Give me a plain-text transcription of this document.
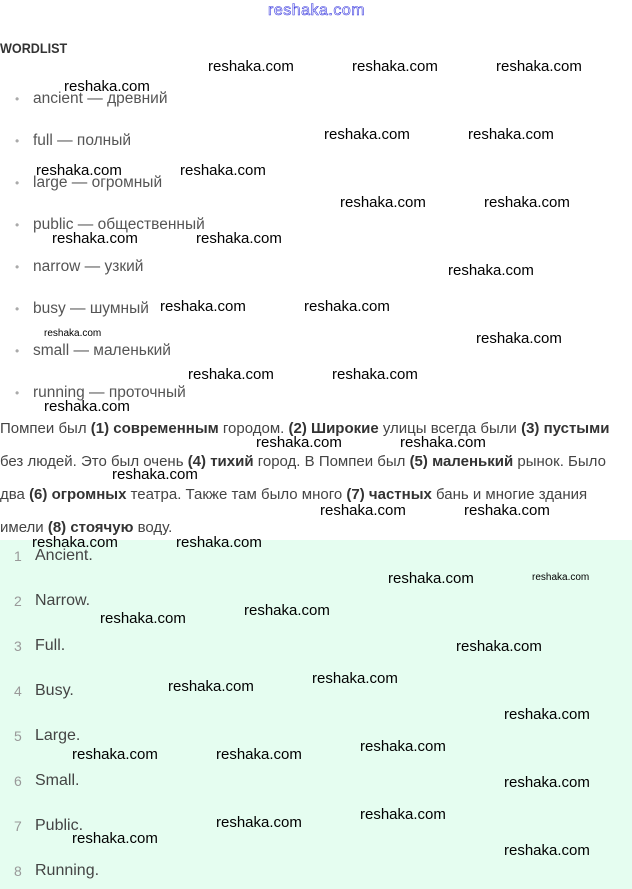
reshaka.com
WORDLIST
• ancient — древний
• full — полный
• large — огромный
• public — общественный
• narrow — узкий
• busy — шумный
• small — маленький
• running — проточный
Помпеи был (1) современным городом. (2) Широкие улицы всегда были (3) пустыми без людей. Это был очень (4) тихий город. В Помпеи был (5) маленький рынок. Было два (6) огромных театра. Также там было много (7) частных бань и многие здания имели (8) стоячую воду.
1 Ancient.
2 Narrow.
3 Full.
4 Busy.
5 Large.
6 Small.
7 Public.
8 Running.
reshaka.com	reshaka.com	reshaka.com
reshaka.com
reshaka.com	reshaka.com
reshaka.com	reshaka.com
reshaka.com	reshaka.com
reshaka.com	reshaka.com
reshaka.com
reshaka.com	reshaka.com
reshaka.com	reshaka.com
reshaka.com	reshaka.com
reshaka.com
reshaka.com	reshaka.com
reshaka.com
reshaka.com	reshaka.com
reshaka.com	reshaka.com
reshaka.com	reshaka.com
reshaka.com	reshaka.com
reshaka.com
reshaka.com	reshaka.com
reshaka.com
reshaka.com	reshaka.com	reshaka.com
reshaka.com
reshaka.com	reshaka.com
reshaka.com
reshaka.com
